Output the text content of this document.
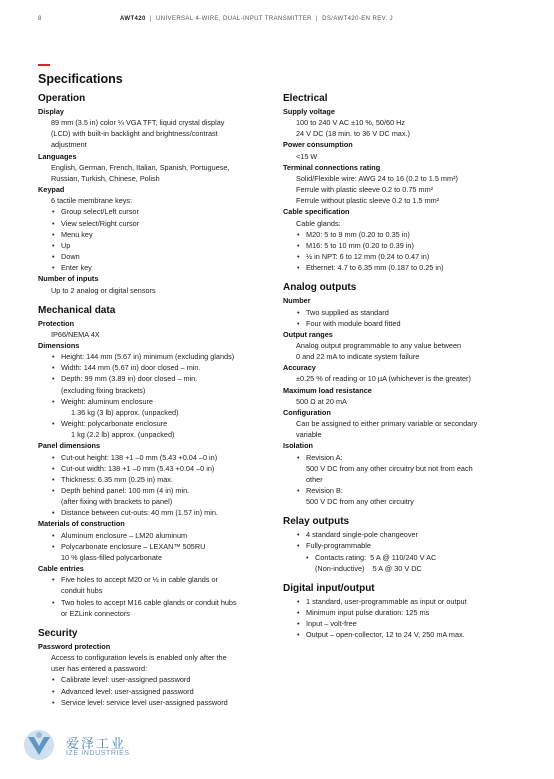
8	AWT420  |  UNIVERSAL 4-WIRE, DUAL-INPUT TRANSMITTER  |  DS/AWT420-EN REV. J
Specifications
Operation
Display

89 mm (3.5 in) color ¼ VGA TFT, liquid crystal display

(LCD) with built-in backlight and brightness/contrast

adjustment

Languages

English, German, French, Italian, Spanish, Portuguese,

Russian, Turkish, Chinese, Polish

Keypad

6 tactile membrane keys:

• Group select/Left cursor
• View select/Right cursor
• Menu key
• Up
• Down
• Enter key
Number of inputs

Up to 2 analog or digital sensors

Mechanical data
Protection

IP66/NEMA 4X

Dimensions
• Height: 144 mm (5.67 in) minimum (excluding glands)
• Width: 144 mm (5.67 in) door closed – min.
• Depth: 99 mm (3.89 in) door closed – min.
(excluding fixing brackets)
• Weight: aluminum enclosure
1.36 kg (3 lb) approx. (unpacked)
• Weight: polycarbonate enclosure
1 kg (2.2 lb) approx. (unpacked)
Panel dimensions
• Cut-out height: 138 +1 –0 mm (5.43 +0.04 –0 in)
• Cut-out width: 138 +1 –0 mm (5.43 +0.04 –0 in)
• Thickness: 6.35 mm (0.25 in) max.
• Depth behind panel: 100 mm (4 in) min.
(after fixing with brackets to panel)
• Distance between cut-outs: 40 mm (1.57 in) min.
Materials of construction
• Aluminum enclosure – LM20 aluminum
• Polycarbonate enclosure – LEXAN™ 505RU
10 % glass-filled polycarbonate
Cable entries
• Five holes to accept M20 or ½ in cable glands or
conduit hubs
• Two holes to accept M16 cable glands or conduit hubs
or EZLink connectors
Security
Password protection

Access to configuration levels is enabled only after the

user has entered a password:

• Calibrate level: user-assigned password
• Advanced level: user-assigned password
• Service level: service level user-assigned password
Electrical
Supply voltage

100 to 240 V AC ±10 %, 50/60 Hz

24 V DC (18 min. to 36 V DC max.)

Power consumption

<15 W

Terminal connections rating

Solid/Flexible wire: AWG 24 to 16 (0.2 to 1.5 mm²)

Ferrule with plastic sleeve 0.2 to 0.75 mm²

Ferrule without plastic sleeve 0.2 to 1.5 mm²

Cable specification

Cable glands:

• M20: 5 to 9 mm (0.20 to 0.35 in)
• M16: 5 to 10 mm (0.20 to 0.39 in)
• ½ in NPT: 6 to 12 mm (0.24 to 0.47 in)
• Ethernet: 4.7 to 6.35 mm (0.187 to 0.25 in)
Analog outputs
Number
• Two supplied as standard
• Four with module board fitted
Output ranges

Analog output programmable to any value between

0 and 22 mA to indicate system failure

Accuracy

±0.25 % of reading or 10 µA (whichever is the greater)

Maximum load resistance

500 Ω at 20 mA

Configuration

Can be assigned to either primary variable or secondary

variable

Isolation
• Revision A:
500 V DC from any other circuitry but not from each
other
• Revision B:
500 V DC from any other circuitry
Relay outputs
• 4 standard single-pole changeover
• Fully-programmable
• Contacts rating: 5 A @ 110/240 V AC
(Non-inductive) 5 A @ 30 V DC
Digital input/output
• 1 standard, user-programmable as input or output
• Minimum input pulse duration: 125 ms
• Input – volt-free
• Output – open-collector, 12 to 24 V, 250 mA max.
爱泽工业
IZE INDUSTRIES
